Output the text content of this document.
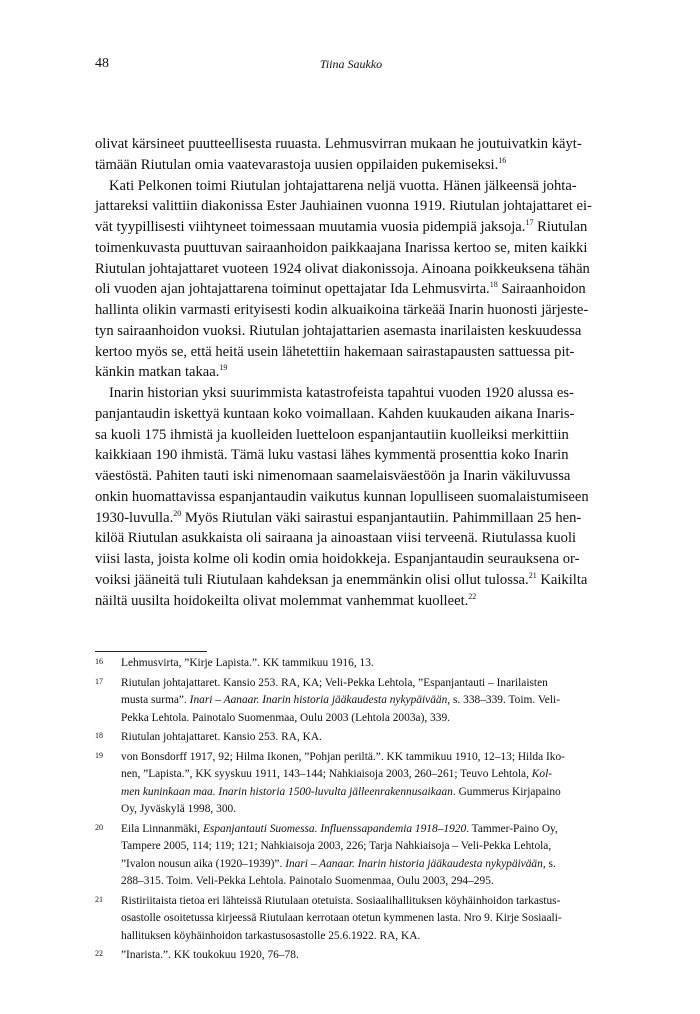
48	Tiina Saukko
olivat kärsineet puutteellisesta ruuasta. Lehmusvirran mukaan he joutuivatkin käyt-
tämään Riutulan omia vaatevarastoja uusien oppilaiden pukemiseksi.$^{16}$
Kati Pelkonen toimi Riutulan johtajattarena neljä vuotta. Hänen jälkeensä johta-
jattareksi valittiin diakonissa Ester Jauhiainen vuonna 1919. Riutulan johtajattaret ei-
vät tyypillisesti viihtyneet toimessaan muutamia vuosia pidempiä jaksoja.$^{17}$ Riutulan
toimenkuvasta puuttuvan sairaanhoidon paikkaajana Inarissa kertoo se, miten kaikki
Riutulan johtajattaret vuoteen 1924 olivat diakonissoja. Ainoana poikkeuksena tähän
oli vuoden ajan johtajattarena toiminut opettajatar Ida Lehmusvirta.$^{18}$ Sairaanhoidon
hallinta olikin varmasti erityisesti kodin alkuaikoina tärkeää Inarin huonosti järjeste-
tyn sairaanhoidon vuoksi. Riutulan johtajattarien asemasta inarilaisten keskuudessa
kertoo myös se, että heitä usein lähetettiin hakemaan sairastapausten sattuessa pit-
känkin matkan takaa.$^{19}$
Inarin historian yksi suurimmista katastrofeista tapahtui vuoden 1920 alussa es-
panjantaudin iskettyä kuntaan koko voimallaan. Kahden kuukauden aikana Inaris-
sa kuoli 175 ihmistä ja kuolleiden luetteloon espanjantautiin kuolleiksi merkittiin
kaikkiaan 190 ihmistä. Tämä luku vastasi lähes kymmentä prosenttia koko Inarin
väestöstä. Pahiten tauti iski nimenomaan saamelaisväestöön ja Inarin väkiluvussa
onkin huomattavissa espanjantaudin vaikutus kunnan lopulliseen suomalaistumiseen
1930-luvulla.$^{20}$ Myös Riutulan väki sairastui espanjantautiin. Pahimmillaan 25 hen-
kilöä Riutulan asukkaista oli sairaana ja ainoastaan viisi terveenä. Riutulassa kuoli
viisi lasta, joista kolme oli kodin omia hoidokkeja. Espanjantaudin seurauksena or-
voiksi jääneitä tuli Riutulaan kahdeksan ja enemmänkin olisi ollut tulossa.$^{21}$ Kaikilta
näiltä uusilta hoidokeilta olivat molemmat vanhemmat kuolleet.$^{22}$
16	Lehmusvirta, ”Kirje Lapista.”. KK tammikuu 1916, 13.
17	Riutulan johtajattaret. Kansio 253. RA, KA; Veli-Pekka Lehtola, ”Espanjantauti – Inarilaisten
musta surma”. Inari – Aanaar. Inarin historia jääkaudesta nykypäivään, s. 338–339. Toim. Veli-
Pekka Lehtola. Painotalo Suomenmaa, Oulu 2003 (Lehtola 2003a), 339.
18	Riutulan johtajattaret. Kansio 253. RA, KA.
19	von Bonsdorff 1917, 92; Hilma Ikonen, ”Pohjan periltä.”. KK tammikuu 1910, 12–13; Hilda Iko-
nen, ”Lapista.”, KK syyskuu 1911, 143–144; Nahkiaisoja 2003, 260–261; Teuvo Lehtola, Kol-
men kuninkaan maa. Inarin historia 1500-luvulta jälleenrakennusaikaan. Gummerus Kirjapaino
Oy, Jyväskylä 1998, 300.
20	Eila Linnanmäki, Espanjantauti Suomessa. Influenssapandemia 1918–1920. Tammer-Paino Oy,
Tampere 2005, 114; 119; 121; Nahkiaisoja 2003, 226; Tarja Nahkiaisoja – Veli-Pekka Lehtola,
”Ivalon nousun aika (1920–1939)”. Inari – Aanaar. Inarin historia jääkaudesta nykypäivään, s.
288–315. Toim. Veli-Pekka Lehtola. Painotalo Suomenmaa, Oulu 2003, 294–295.
21	Ristiriitaista tietoa eri lähteissä Riutulaan otetuista. Sosiaalihallituksen köyhäinhoidon tarkastus-
osastolle osoitetussa kirjeessä Riutulaan kerrotaan otetun kymmenen lasta. Nro 9. Kirje Sosiaali-
hallituksen köyhäinhoidon tarkastusosastolle 25.6.1922. RA, KA.
22	”Inarista.”. KK toukokuu 1920, 76–78.
